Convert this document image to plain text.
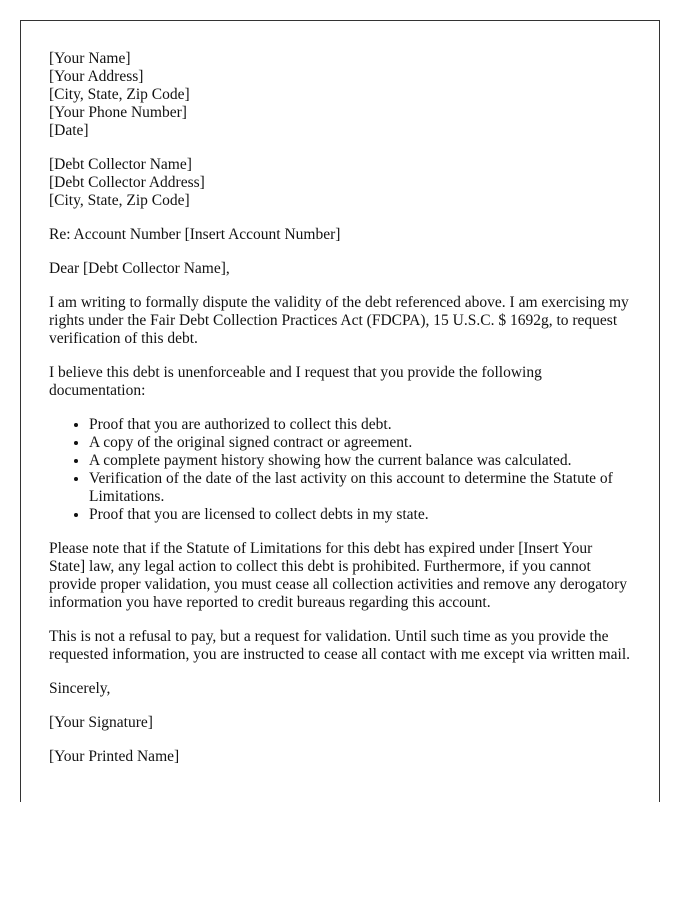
[Your Name]
[Your Address]
[City, State, Zip Code]
[Your Phone Number]
[Date]
[Debt Collector Name]
[Debt Collector Address]
[City, State, Zip Code]

Re: Account Number [Insert Account Number]

Dear [Debt Collector Name],

I am writing to formally dispute the validity of the debt referenced above. I am exercising my rights under the Fair Debt Collection Practices Act (FDCPA), 15 U.S.C. $ 1692g, to request verification of this debt.

I believe this debt is unenforceable and I request that you provide the following documentation:

• Proof that you are authorized to collect this debt.
• A copy of the original signed contract or agreement.
• A complete payment history showing how the current balance was calculated.
• Verification of the date of the last activity on this account to determine the Statute of Limitations.
• Proof that you are licensed to collect debts in my state.

Please note that if the Statute of Limitations for this debt has expired under [Insert Your State] law, any legal action to collect this debt is prohibited. Furthermore, if you cannot provide proper validation, you must cease all collection activities and remove any derogatory information you have reported to credit bureaus regarding this account.

This is not a refusal to pay, but a request for validation. Until such time as you provide the requested information, you are instructed to cease all contact with me except via written mail.

Sincerely,

[Your Signature]

[Your Printed Name]
